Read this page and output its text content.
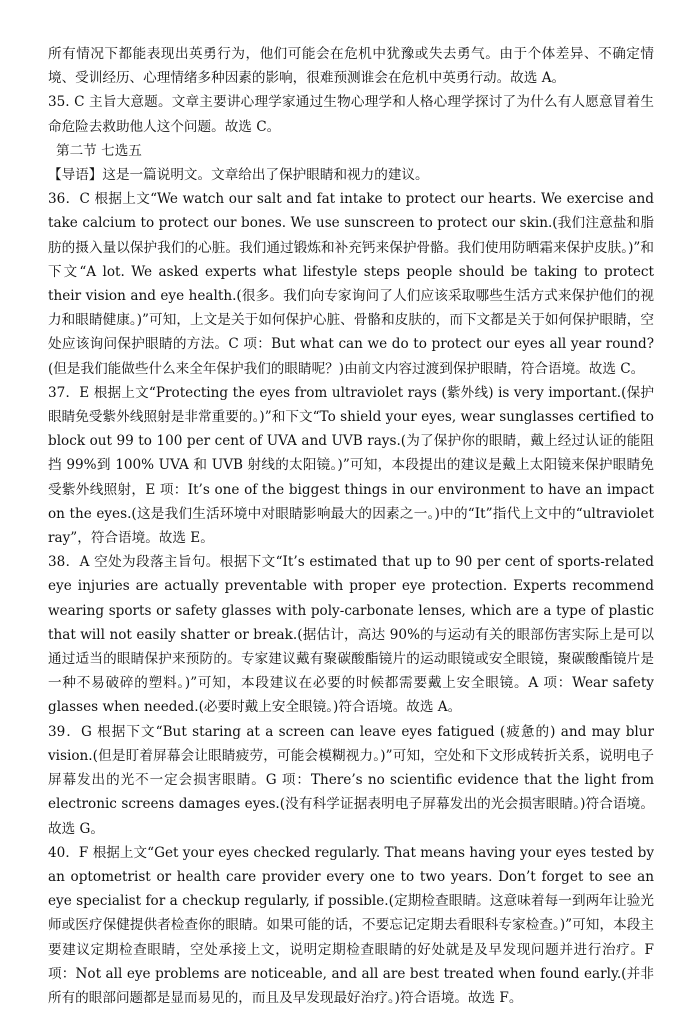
所有情况下都能表现出英勇行为，他们可能会在危机中犹豫或失去勇气。由于个体差异、不确定情境、受训经历、心理情绪多种因素的影响，很难预测谁会在危机中英勇行动。故选 A。

35. C 主旨大意题。文章主要讲心理学家通过生物心理学和人格心理学探讨了为什么有人愿意冒着生命危险去救助他人这个问题。故选 C。

第二节 七选五

【导语】这是一篇说明文。文章给出了保护眼睛和视力的建议。

36．C 根据上文“We watch our salt and fat intake to protect our hearts. We exercise and take calcium to protect our bones. We use sunscreen to protect our skin.(我们注意盐和脂肪的摄入量以保护我们的心脏。我们通过锻炼和补充钙来保护骨骼。我们使用防晒霜来保护皮肤。)”和下文“A lot. We asked experts what lifestyle steps people should be taking to protect their vision and eye health.(很多。我们向专家询问了人们应该采取哪些生活方式来保护他们的视力和眼睛健康。)”可知，上文是关于如何保护心脏、骨骼和皮肤的，而下文都是关于如何保护眼睛，空处应该询问保护眼睛的方法。C 项：But what can we do to protect our eyes all year round?(但是我们能做些什么来全年保护我们的眼睛呢？)由前文内容过渡到保护眼睛，符合语境。故选 C。

37．E 根据上文“Protecting the eyes from ultraviolet rays (紫外线) is very important.(保护眼睛免受紫外线照射是非常重要的。)”和下文“To shield your eyes, wear sunglasses certified to block out 99 to 100 per cent of UVA and UVB rays.(为了保护你的眼睛，戴上经过认证的能阻挡 99%到 100% UVA 和 UVB 射线的太阳镜。)”可知，本段提出的建议是戴上太阳镜来保护眼睛免受紫外线照射，E 项：It’s one of the biggest things in our environment to have an impact on the eyes.(这是我们生活环境中对眼睛影响最大的因素之一。)中的“It”指代上文中的“ultraviolet ray”，符合语境。故选 E。

38．A 空处为段落主旨句。根据下文“It’s estimated that up to 90 per cent of sports-related eye injuries are actually preventable with proper eye protection. Experts recommend wearing sports or safety glasses with poly-carbonate lenses, which are a type of plastic that will not easily shatter or break.(据估计，高达 90%的与运动有关的眼部伤害实际上是可以通过适当的眼睛保护来预防的。专家建议戴有聚碳酸酯镜片的运动眼镜或安全眼镜，聚碳酸酯镜片是一种不易破碎的塑料。)”可知，本段建议在必要的时候都需要戴上安全眼镜。A 项：Wear safety glasses when needed.(必要时戴上安全眼镜。)符合语境。故选 A。

39．G 根据下文“But staring at a screen can leave eyes fatigued (疲惫的) and may blur vision.(但是盯着屏幕会让眼睛疲劳，可能会模糊视力。)”可知，空处和下文形成转折关系，说明电子屏幕发出的光不一定会损害眼睛。G 项：There’s no scientific evidence that the light from electronic screens damages eyes.(没有科学证据表明电子屏幕发出的光会损害眼睛。)符合语境。故选 G。

40．F 根据上文“Get your eyes checked regularly. That means having your eyes tested by an optometrist or health care provider every one to two years. Don’t forget to see an eye specialist for a checkup regularly, if possible.(定期检查眼睛。这意味着每一到两年让验光师或医疗保健提供者检查你的眼睛。如果可能的话，不要忘记定期去看眼科专家检查。)”可知，本段主要建议定期检查眼睛，空处承接上文，说明定期检查眼睛的好处就是及早发现问题并进行治疗。F 项：Not all eye problems are noticeable, and all are best treated when found early.(并非所有的眼部问题都是显而易见的，而且及早发现最好治疗。)符合语境。故选 F。
